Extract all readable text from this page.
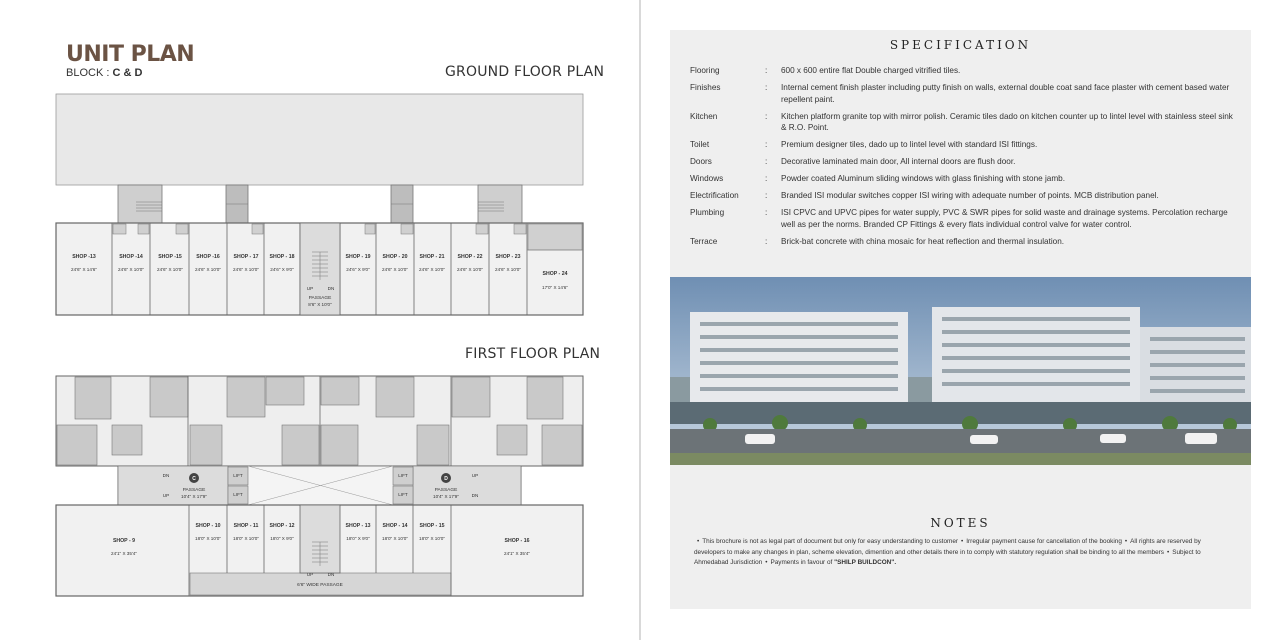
UNIT PLAN
BLOCK : C & D	GROUND FLOOR PLAN
FIRST FLOOR PLAN
SHOP -13
24'6" X 14'6"
SHOP -14
24'6" X 10'0"
SHOP -15
24'6" X 10'0"
SHOP -16
24'6" X 10'0"
SHOP - 17
24'6" X 10'0"
SHOP - 18
24'6" X 9'0"
SHOP - 19
24'6" X 9'0"
SHOP - 20
24'6" X 10'0"
SHOP - 21
24'6" X 10'0"
SHOP - 22
24'6" X 10'0"
SHOP - 23
24'6" X 10'0"
SHOP - 24
17'0" X 14'6"
UP	DN
PASSAGE
8'6" X 10'0"
SHOP - 9
24'1" X 35'4"
SHOP - 10
18'0" X 10'0"
SHOP - 11
18'0" X 10'0"
SHOP - 12
18'0" X 9'0"
SHOP - 13
18'0" X 9'0"
SHOP - 14
18'0" X 10'0"
SHOP - 15
18'0" X 10'0"	SHOP - 16
24'1" X 35'4"
UP	DN
6'6" WIDE PASSAGE
C
PASSAGE
10'4" X 17'9"
DN
UP
D
PASSAGE
10'4" X 17'9"
UP
DN
LIFT
LIFT
LIFT
LIFT
SPECIFICATION
Flooring	:	600 x 600 entire flat Double charged vitrified tiles.
Finishes	:	Internal cement finish plaster including putty finish on walls, external double coat sand face plaster with cement based water repellent paint.
Kitchen	:	Kitchen platform granite top with mirror polish. Ceramic tiles dado on kitchen counter up to lintel level with stainless steel sink & R.O. Point.
Toilet	:	Premium designer tiles, dado up to lintel level with standard ISI fittings.
Doors	:	Decorative laminated main door, All internal doors are flush door.
Windows	:	Powder coated Aluminum sliding windows with glass finishing with stone jamb.
Electrification	:	Branded ISI modular switches copper ISI wiring with adequate number of points. MCB distribution panel.
Plumbing	:	ISI CPVC and UPVC pipes for water supply, PVC & SWR pipes for solid waste and drainage systems. Percolation recharge well as per the norms. Branded CP Fittings & every flats individual control valve for water control.
Terrace	:	Brick-bat concrete with china mosaic for heat reflection and thermal insulation.
NOTES
• This brochure is not as legal part of document but only for easy understanding to customer • Irregular payment cause for cancellation of the booking • All rights are reserved by developers to make any changes in plan, scheme elevation, dimention and other details there in to comply with statutory regulation shall be binding to all the members • Subject to Ahmedabad Jurisdiction • Payments in favour of "SHILP BUILDCON".
